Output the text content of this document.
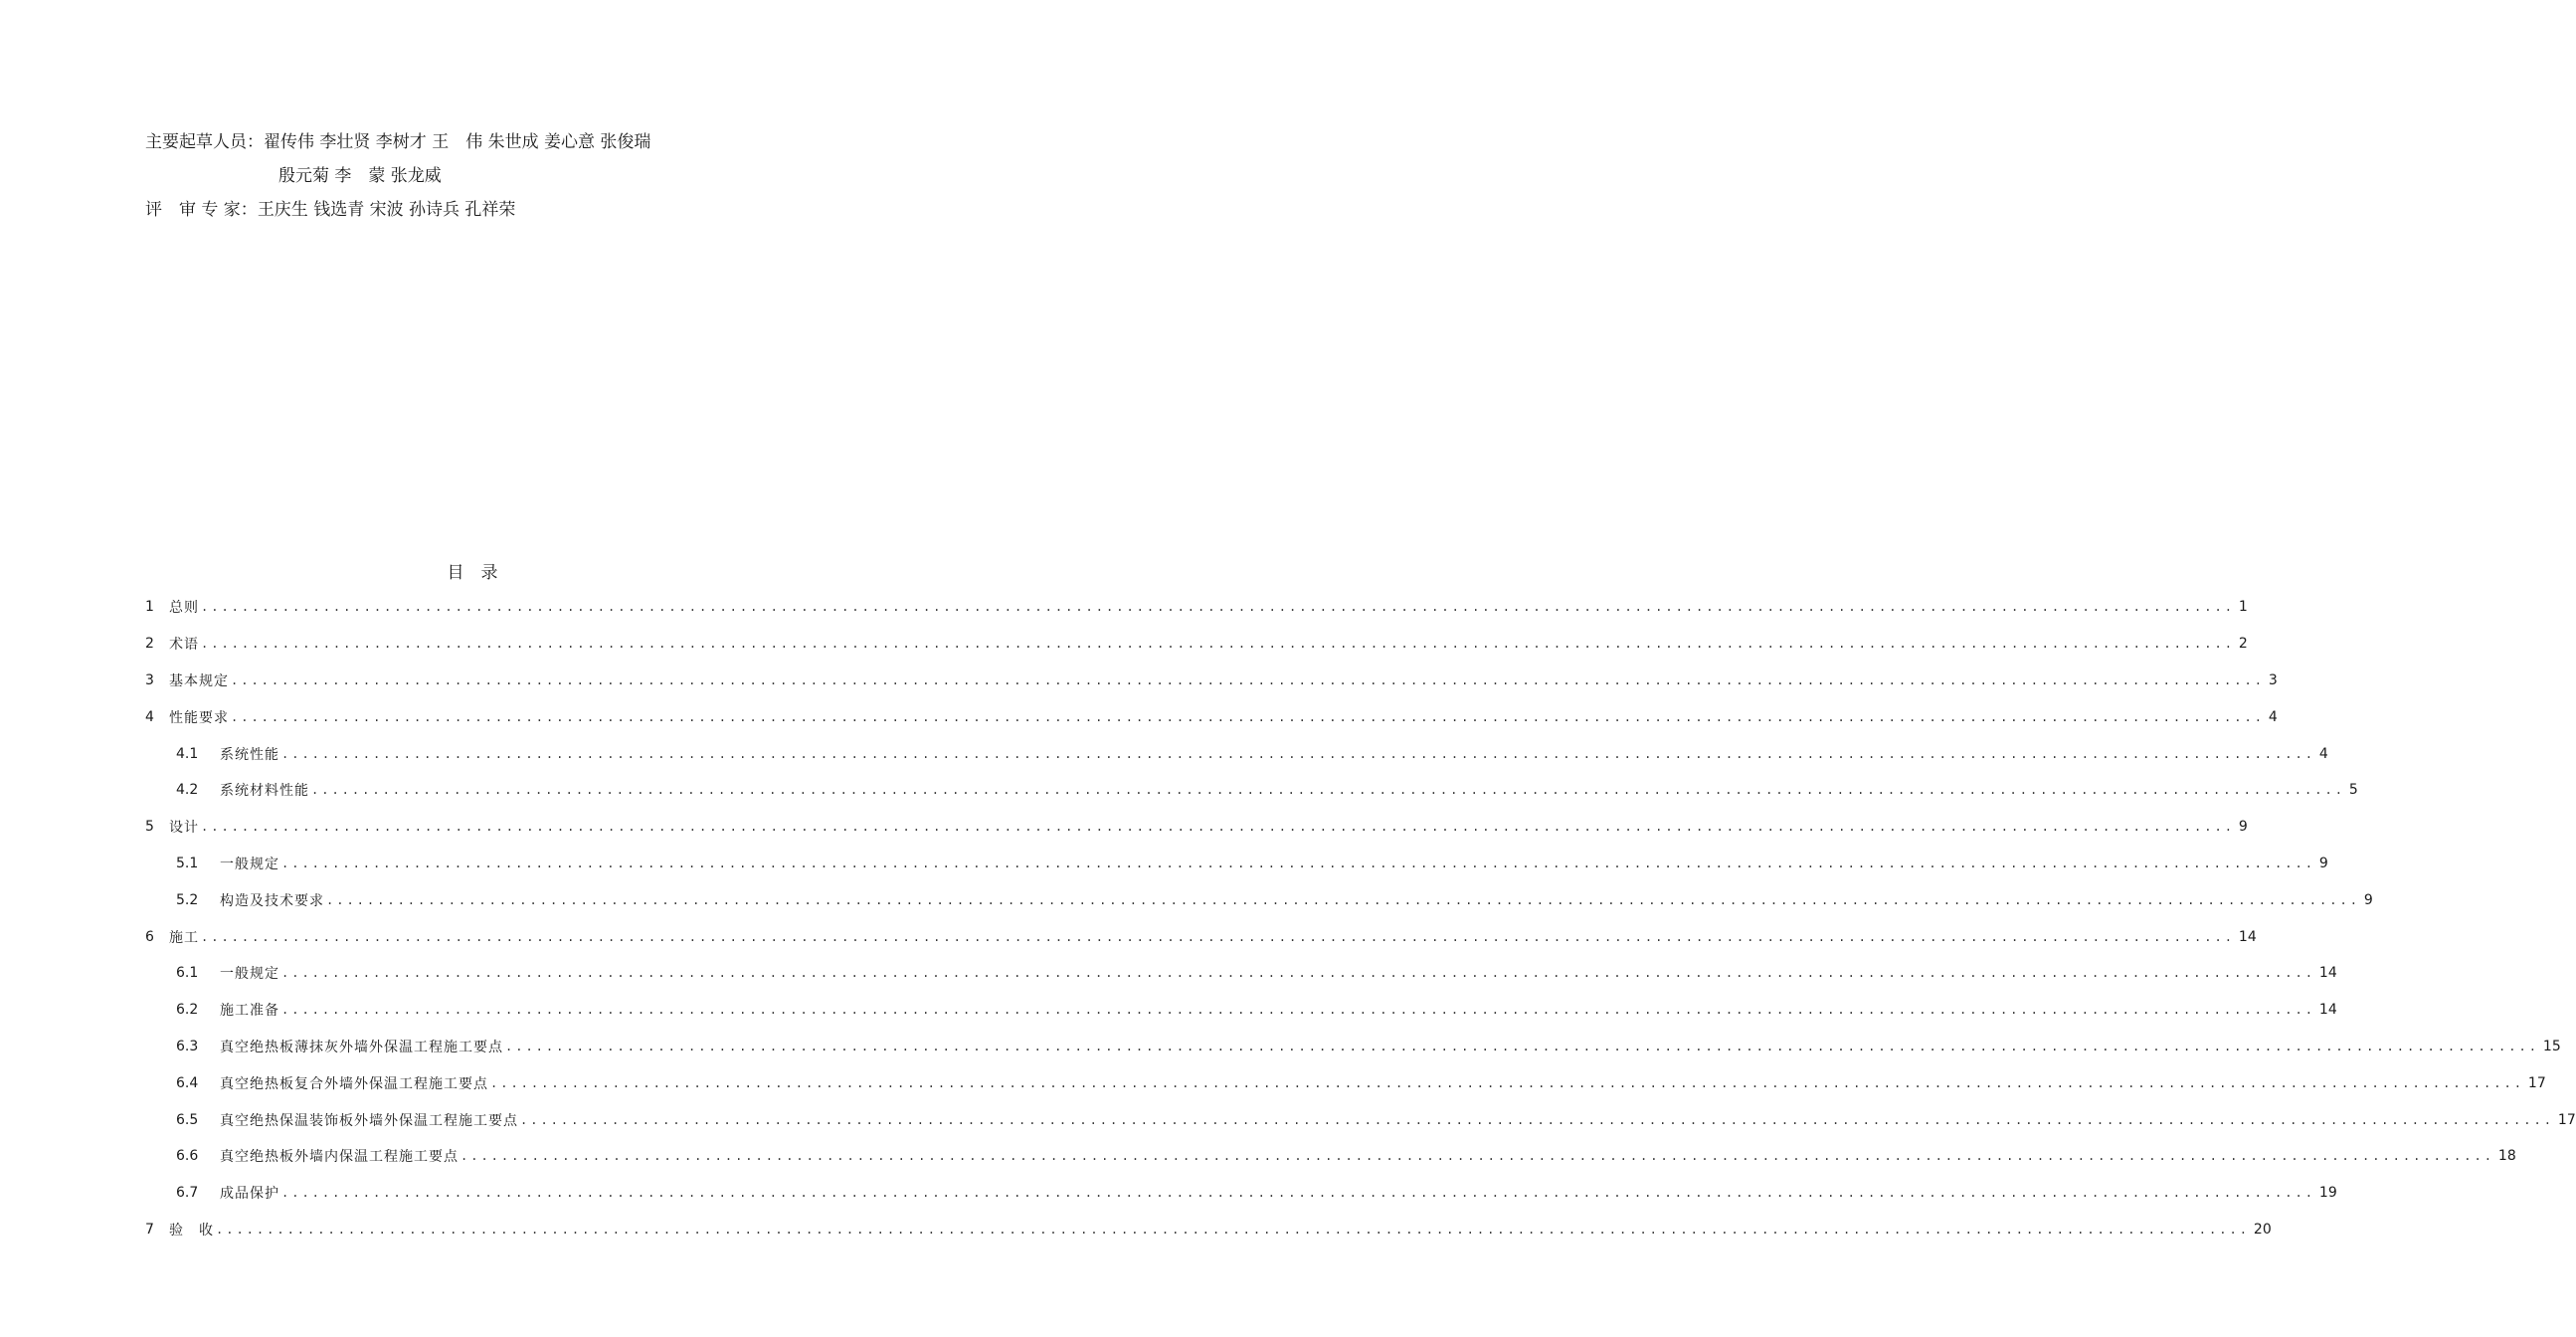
主要起草人员：翟传伟 李壮贤 李树才 王　伟 朱世成 姜心意 张俊瑞
殷元菊 李　蒙 张龙威
评　审 专 家：王庆生 钱选青 宋波 孙诗兵 孔祥荣
目　录
1	总则 ........................................................................................................................................................................................................ 1
2	术语 ........................................................................................................................................................................................................ 2
3	基本规定 ........................................................................................................................................................................................................ 3
4	性能要求 ........................................................................................................................................................................................................ 4
4.1	系统性能 ........................................................................................................................................................................................................ 4
4.2	系统材料性能 ........................................................................................................................................................................................................ 5
5	设计 ........................................................................................................................................................................................................ 9
5.1	一般规定 ........................................................................................................................................................................................................ 9
5.2	构造及技术要求 ........................................................................................................................................................................................................ 9
6	施工 ........................................................................................................................................................................................................ 14
6.1	一般规定 ........................................................................................................................................................................................................ 14
6.2	施工准备 ........................................................................................................................................................................................................ 14
6.3	真空绝热板薄抹灰外墙外保温工程施工要点 ........................................................................................................................................................................................................ 15
6.4	真空绝热板复合外墙外保温工程施工要点 ........................................................................................................................................................................................................ 17
6.5	真空绝热保温装饰板外墙外保温工程施工要点 ........................................................................................................................................................................................................ 17
6.6	真空绝热板外墙内保温工程施工要点 ........................................................................................................................................................................................................ 18
6.7	成品保护 ........................................................................................................................................................................................................ 19
7	验　收 ........................................................................................................................................................................................................ 20
